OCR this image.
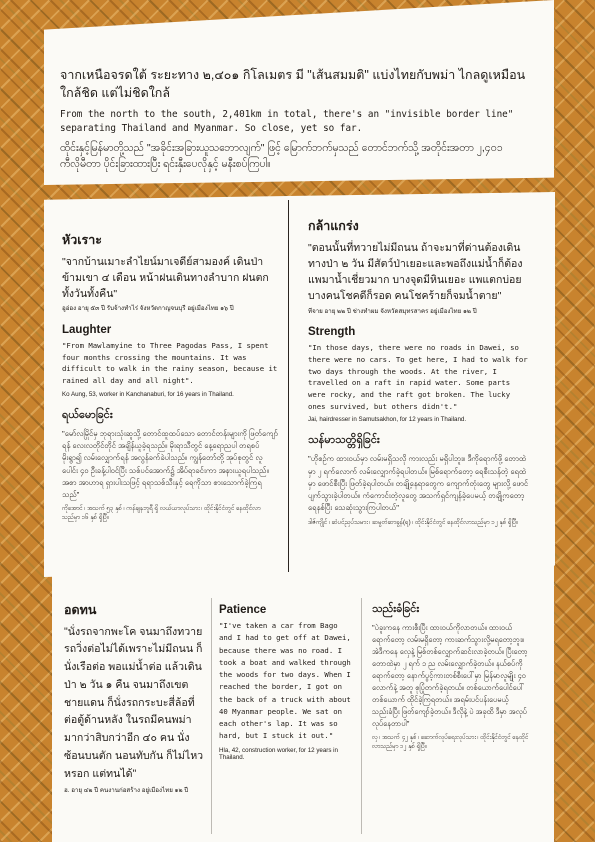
จากเหนือจรดใต้ ระยะทาง ๒,๔๐๑ กิโลเมตร มี "เส้นสมมติ" แบ่งไทยกับพม่า ไกลดูเหมือนใกล้ชิด แต่ไม่ชิดใกล้

From the north to the south, 2,401km in total, there's an "invisible border line" separating Thailand and Myanmar. So close, yet so far.

ထိုင်းနှင့်မြန်မာတို့သည် "အခိုင်းအခြားယူသဘောလျက်" ဖြင့် မြောက်ဘက်မှသည် တောင်ဘက်သို့ အတိုင်းအတာ ၂,၄၀၁ ကီလိုမီတာ ပိုင်းခြားထားပြီး ရင်းနှီးပေလိုနှင့် မနီးစပ်ကြပါ။

หัวเราะ

"จากบ้านเมาะลำไยน์มาเจดีย์สามองค์ เดินป่าข้ามเขา ๔ เดือน หน้าฝนเดินทางลำบาก ฝนตกทั้งวันทั้งคืน"

อูอ่อง อายุ ๕๓ ปี รับจ้างทำไร่ จังหวัดกาญจนบุรี อยู่เมืองไทย ๑๖ ปี

Laughter

"From Mawlamyine to Three Pagodas Pass, I spent four months crossing the mountains. It was difficult to walk in the rainy season, because it rained all day and all night".

Ko Aung, 53, worker in Kanchanaburi, for 16 years in Thailand.

ရယ်မောခြင်း

"မော်လမြိုင်မှ ဘုရားသုံးဆူသို့ တောင်ထူထပ်သော တောင်တန်းများကို ဖြတ်ကျော်ရန် လေးလတိုင်တိုင် အချိန်ယူခဲ့ရသည်။ မိုးရာသီတွင် နေ့ရောညပါ တရစပ် မိုးရွာ၍ လမ်းလျှောက်ရန် အလွန်ခက်ခဲပါသည်။ ကျွန်တော်တို့ အုပ်စုတွင် လူပေါင်း ၄၀ ဦးခန့်ပါဝင်ပြီး သစ်ပင်အောက်၌ အိပ်ရာခင်းကာ အနားယူရပါသည်။ အစာ အာဟာရ ရှားပါးသဖြင့် ရရာသစ်သီးနှင့် ရေကိုသာ စားသောက်ခဲ့ကြရသည်"

ကိုအောင် ၊ အသက် ၅၃ နှစ် ၊ ကန်ချနဘူရီ ရှိ လယ်ယာလုပ်သား ၊ ထိုင်းနိုင်ငံတွင် နေထိုင်လာသည်မှာ ၁၆ နှစ် ရှိပြီ။

กล้าแกร่ง

"ตอนนั้นที่ทวายไม่มีถนน ถ้าจะมาที่ด่านต้องเดินทางป่า ๒ วัน มีสัตว์ป่าเยอะและพอถึงแม่น้ำก็ต้องแพมาน้ำเชี่ยวมาก บางจุดมีหินเยอะ แพแตกบ่อย บางคนโชคดีก็รอด คนโชคร้ายก็จมน้ำตาย"

ทีจาย อายุ ๒๒ ปี ช่างทำผม จังหวัดสมุทรสาคร อยู่เมืองไทย ๑๒ ปี

Strength

"In those days, there were no roads in Dawei, so there were no cars. To get here, I had to walk for two days through the woods. At the river, I travelled on a raft in rapid water. Some parts were rocky, and the raft got broken. The lucky ones survived, but others didn't."

Jai, hairdresser in Samutsakhon, for 12 years in Thailand.

သန်မာသတ္တိရှိခြင်း

"ဟိုစဉ်က ထားဝယ်မှာ လမ်းမရှိသလို ကားလည်း မရှိပါဘူး။ ဒီကိုရောက်ဖို့ တောထဲမှာ ၂ ရက်လောက် လမ်းလျှောက်ခဲ့ရပါတယ်။ မြစ်ရောက်တော့ ရေစီးသန်တဲ့ ရေထဲမှာ ဖောင်စီးပြီး ဖြတ်ခဲ့ရပါတယ်။ တချို့နေရာတွေက ကျောက်တုံးတွေ များလို့ ဖောင်ပျက်သွားခဲ့ပါတယ်။ ကံကောင်းတဲ့လူတွေ အသက်ရှင်ကျန်ခဲ့ပေမယ့် တချို့ကတော့ ရေနစ်ပြီး သေဆုံးသွားကြပါတယ်"

ဒါဇ်ကျိုင် ၊ ဆံပင်ညှပ်သမား ၊ ဆမွတ်ဆာခွန်(ရ) ၊ ထိုင်းနိုင်ငံတွင် နေထိုင်လာသည်မှာ ၁၂ နှစ် ရှိပြီ။

อดทน

"นั่งรถจากพะโค จนมาถึงทวาย รถวิ่งต่อไม่ได้เพราะไม่มีถนน ก็นั่งเรือต่อ พอแม่น้ำต่อ แล้วเดินป่า ๒ วัน ๑ คืน จนมาถึงเขตชายแดน ก็นั่งรถกระบะสี่ล้อที่ต่อตู้ด้านหลัง ในรถมีคนพม่ามากว่าสิบกว่าอีก ๔๐ คน นั่งซ้อนบนตัก นอนทับกัน ก็ไม่ไหวหรอก แต่ทนได้"

ฮ. อายุ ๔๒ ปี คนงานก่อสร้าง อยู่เมืองไทย ๑๒ ปี

Patience

"I've taken a car from Bago and I had to get off at Dawei, because there was no road. I took a boat and walked through the woods for two days. When I reached the border, I got on the back of a truck with about 40 Myanmar people. We sat on each other's lap. It was so hard, but I stuck it out."

Hla, 42, construction worker, for 12 years in Thailand.

သည်းခံခြင်း

"ပဲခူးကနေ ကားစီးပြီး ထားဝယ်ကိုလာတယ်။ ထားဝယ်ရောက်တော့ လမ်းမရှိတော့ ကားဆက်သွားလို့မရတော့ဘူး။ အဲဒီကနေ လှေနဲ့ မြစ်တစ်လျှောက်ဆင်းလာခဲ့တယ်။ ပြီးတော့ တောထဲမှာ ၂ ရက် ၁ ည လမ်းလျှောက်ခဲ့တယ်။ နယ်စပ်ကိုရောက်တော့ နောက်ပွင့်ကားတစ်စီးပေါ်မှာ မြန်မာလူမျိုး ၄၀ လောက်နဲ့ အတူ စုပြုံတက်ခဲ့ရတယ်။ တစ်ယောက်ပေါင်ပေါ် တစ်ယောက် ထိုင်ခဲ့ကြရတယ်။ အရမ်းပင်ပန်းပေမယ့် သည်းခံပြီး ဖြတ်ကျော်ခဲ့တယ်။ ဒီလိုနဲ့ ပဲ အခုထိ ဒီမှာ အလုပ်လုပ်နေတာပါ"

လှ ၊ အသက် ၄၂ နှစ် ၊ ဆောက်လုပ်ရေးလုပ်သား ၊ ထိုင်းနိုင်ငံတွင် နေထိုင်လာသည်မှာ ၁၂ နှစ် ရှိပြီ။
